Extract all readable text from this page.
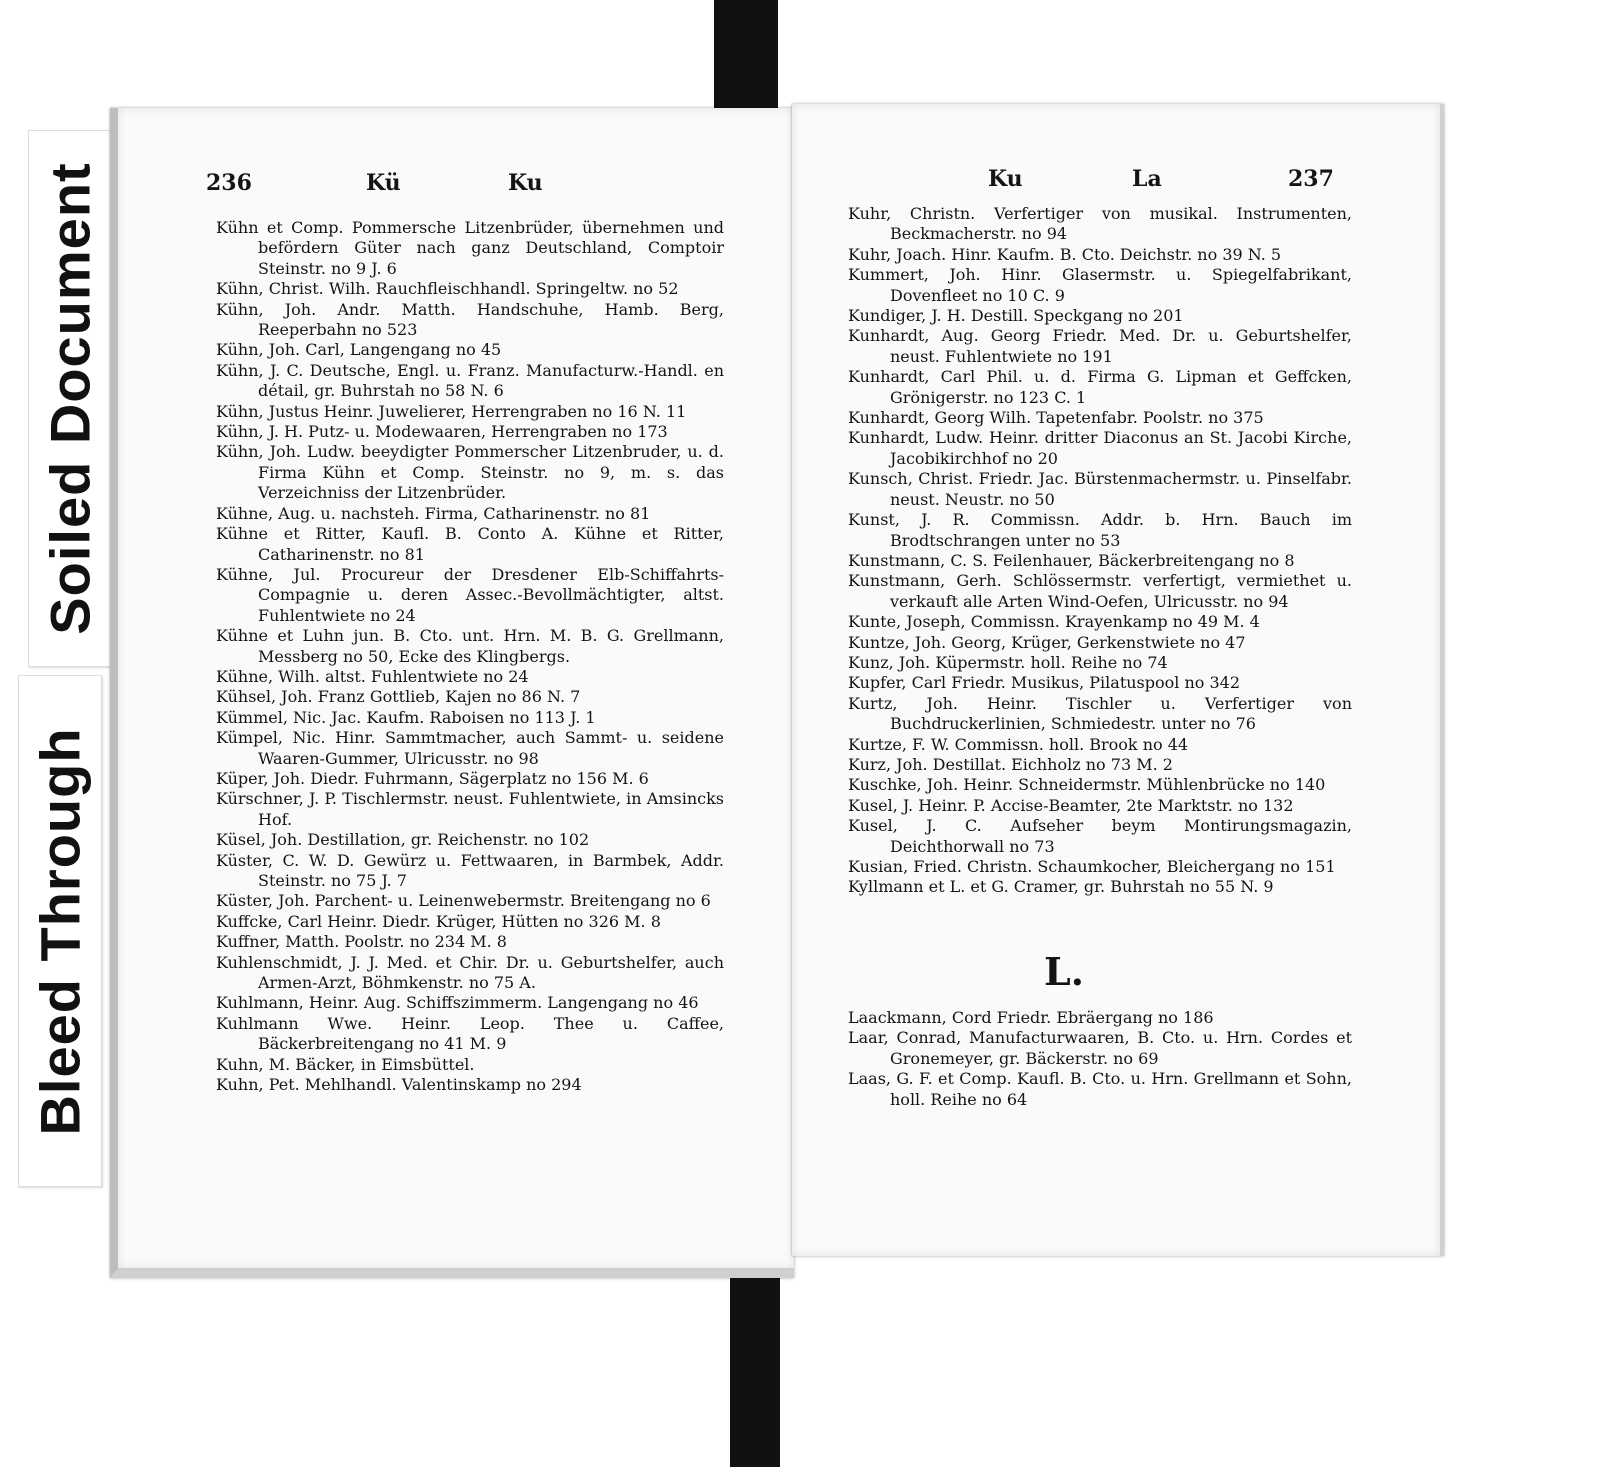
Soiled Document
Bleed Through
236	Kü	Ku
Kühn et Comp. Pommersche Litzenbrüder, übernehmen und befördern Güter nach ganz Deutschland, Comptoir Steinstr. no 9 J. 6
Kühn, Christ. Wilh. Rauchfleischhandl. Springeltw. no 52
Kühn, Joh. Andr. Matth. Handschuhe, Hamb. Berg, Reeperbahn no 523
Kühn, Joh. Carl, Langengang no 45
Kühn, J. C. Deutsche, Engl. u. Franz. Manufacturw.-Handl. en détail, gr. Buhrstah no 58 N. 6
Kühn, Justus Heinr. Juwelierer, Herrengraben no 16 N. 11
Kühn, J. H. Putz- u. Modewaaren, Herrengraben no 173
Kühn, Joh. Ludw. beeydigter Pommerscher Litzenbruder, u. d. Firma Kühn et Comp. Steinstr. no 9, m. s. das Verzeichniss der Litzenbrüder.
Kühne, Aug. u. nachsteh. Firma, Catharinenstr. no 81
Kühne et Ritter, Kaufl. B. Conto A. Kühne et Ritter, Catharinenstr. no 81
Kühne, Jul. Procureur der Dresdener Elb-Schiffahrts-Compagnie u. deren Assec.-Bevollmächtigter, altst. Fuhlentwiete no 24
Kühne et Luhn jun. B. Cto. unt. Hrn. M. B. G. Grellmann, Messberg no 50, Ecke des Klingbergs.
Kühne, Wilh. altst. Fuhlentwiete no 24
Kühsel, Joh. Franz Gottlieb, Kajen no 86 N. 7
Kümmel, Nic. Jac. Kaufm. Raboisen no 113 J. 1
Kümpel, Nic. Hinr. Sammtmacher, auch Sammt- u. seidene Waaren-Gummer, Ulricusstr. no 98
Küper, Joh. Diedr. Fuhrmann, Sägerplatz no 156 M. 6
Kürschner, J. P. Tischlermstr. neust. Fuhlentwiete, in Amsincks Hof.
Küsel, Joh. Destillation, gr. Reichenstr. no 102
Küster, C. W. D. Gewürz u. Fettwaaren, in Barmbek, Addr. Steinstr. no 75 J. 7
Küster, Joh. Parchent- u. Leinenwebermstr. Breitengang no 6
Kuffcke, Carl Heinr. Diedr. Krüger, Hütten no 326 M. 8
Kuffner, Matth. Poolstr. no 234 M. 8
Kuhlenschmidt, J. J. Med. et Chir. Dr. u. Geburtshelfer, auch Armen-Arzt, Böhmkenstr. no 75 A.
Kuhlmann, Heinr. Aug. Schiffszimmerm. Langengang no 46
Kuhlmann Wwe. Heinr. Leop. Thee u. Caffee, Bäckerbreitengang no 41 M. 9
Kuhn, M. Bäcker, in Eimsbüttel.
Kuhn, Pet. Mehlhandl. Valentinskamp no 294
Ku	La	237
Kuhr, Christn. Verfertiger von musikal. Instrumenten, Beckmacherstr. no 94
Kuhr, Joach. Hinr. Kaufm. B. Cto. Deichstr. no 39 N. 5
Kummert, Joh. Hinr. Glasermstr. u. Spiegelfabrikant, Dovenfleet no 10 C. 9
Kundiger, J. H. Destill. Speckgang no 201
Kunhardt, Aug. Georg Friedr. Med. Dr. u. Geburtshelfer, neust. Fuhlentwiete no 191
Kunhardt, Carl Phil. u. d. Firma G. Lipman et Geffcken, Grönigerstr. no 123 C. 1
Kunhardt, Georg Wilh. Tapetenfabr. Poolstr. no 375
Kunhardt, Ludw. Heinr. dritter Diaconus an St. Jacobi Kirche, Jacobikirchhof no 20
Kunsch, Christ. Friedr. Jac. Bürstenmachermstr. u. Pinselfabr. neust. Neustr. no 50
Kunst, J. R. Commissn. Addr. b. Hrn. Bauch im Brodtschrangen unter no 53
Kunstmann, C. S. Feilenhauer, Bäckerbreitengang no 8
Kunstmann, Gerh. Schlössermstr. verfertigt, vermiethet u. verkauft alle Arten Wind-Oefen, Ulricusstr. no 94
Kunte, Joseph, Commissn. Krayenkamp no 49 M. 4
Kuntze, Joh. Georg, Krüger, Gerkenstwiete no 47
Kunz, Joh. Küpermstr. holl. Reihe no 74
Kupfer, Carl Friedr. Musikus, Pilatuspool no 342
Kurtz, Joh. Heinr. Tischler u. Verfertiger von Buchdruckerlinien, Schmiedestr. unter no 76
Kurtze, F. W. Commissn. holl. Brook no 44
Kurz, Joh. Destillat. Eichholz no 73 M. 2
Kuschke, Joh. Heinr. Schneidermstr. Mühlenbrücke no 140
Kusel, J. Heinr. P. Accise-Beamter, 2te Marktstr. no 132
Kusel, J. C. Aufseher beym Montirungsmagazin, Deichthorwall no 73
Kusian, Fried. Christn. Schaumkocher, Bleichergang no 151
Kyllmann et L. et G. Cramer, gr. Buhrstah no 55 N. 9
L.
Laackmann, Cord Friedr. Ebräergang no 186
Laar, Conrad, Manufacturwaaren, B. Cto. u. Hrn. Cordes et Gronemeyer, gr. Bäckerstr. no 69
Laas, G. F. et Comp. Kaufl. B. Cto. u. Hrn. Grellmann et Sohn, holl. Reihe no 64
